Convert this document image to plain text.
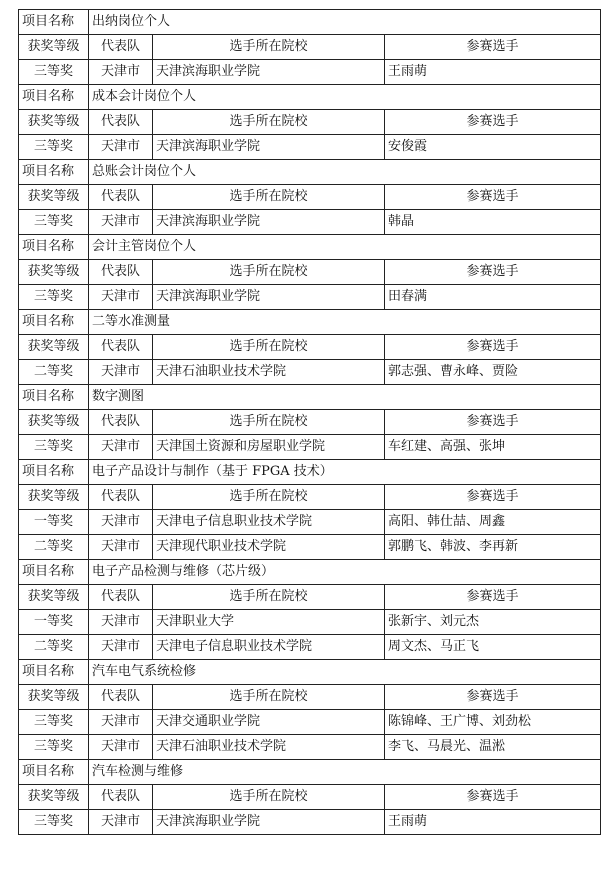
项目名称	出纳岗位个人		
获奖等级	代表队	选手所在院校	参赛选手
三等奖	天津市	天津滨海职业学院	王雨萌
项目名称	成本会计岗位个人		
获奖等级	代表队	选手所在院校	参赛选手
三等奖	天津市	天津滨海职业学院	安俊霞
项目名称	总账会计岗位个人		
获奖等级	代表队	选手所在院校	参赛选手
三等奖	天津市	天津滨海职业学院	韩晶
项目名称	会计主管岗位个人		
获奖等级	代表队	选手所在院校	参赛选手
三等奖	天津市	天津滨海职业学院	田春满
项目名称	二等水准测量		
获奖等级	代表队	选手所在院校	参赛选手
二等奖	天津市	天津石油职业技术学院	郭志强、曹永峰、贾险
项目名称	数字测图		
获奖等级	代表队	选手所在院校	参赛选手
三等奖	天津市	天津国土资源和房屋职业学院	车红建、高强、张坤
项目名称	电子产品设计与制作（基于 FPGA 技术）		
获奖等级	代表队	选手所在院校	参赛选手
一等奖	天津市	天津电子信息职业技术学院	高阳、韩仕喆、周鑫
二等奖	天津市	天津现代职业技术学院	郭鹏飞、韩波、李再新
项目名称	电子产品检测与维修（芯片级）		
获奖等级	代表队	选手所在院校	参赛选手
一等奖	天津市	天津职业大学	张新宇、刘元杰
二等奖	天津市	天津电子信息职业技术学院	周文杰、马正飞
项目名称	汽车电气系统检修		
获奖等级	代表队	选手所在院校	参赛选手
三等奖	天津市	天津交通职业学院	陈锦峰、王广博、刘劲松
三等奖	天津市	天津石油职业技术学院	李飞、马晨光、温淞
项目名称	汽车检测与维修		
获奖等级	代表队	选手所在院校	参赛选手
三等奖	天津市	天津滨海职业学院	王雨萌
